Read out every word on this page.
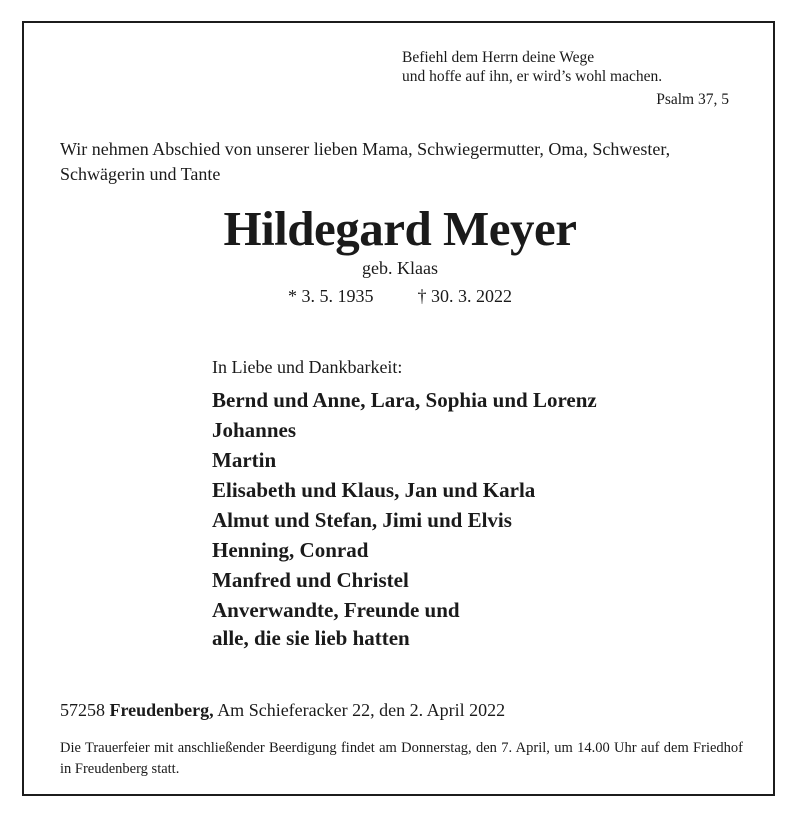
Befiehl dem Herrn deine Wege
und hoffe auf ihn, er wird’s wohl machen.
Psalm 37, 5
Wir nehmen Abschied von unserer lieben Mama, Schwiegermutter, Oma, Schwester, Schwägerin und Tante
Hildegard Meyer
geb. Klaas
* 3. 5. 1935 † 30. 3. 2022
In Liebe und Dankbarkeit:
Bernd und Anne, Lara, Sophia und Lorenz
Johannes
Martin
Elisabeth und Klaus, Jan und Karla
Almut und Stefan, Jimi und Elvis
Henning, Conrad
Manfred und Christel
Anverwandte, Freunde und
alle, die sie lieb hatten
57258 Freudenberg, Am Schieferacker 22, den 2. April 2022
Die Trauerfeier mit anschließender Beerdigung findet am Donnerstag, den 7. April, um 14.00 Uhr auf dem Friedhof in Freudenberg statt.
